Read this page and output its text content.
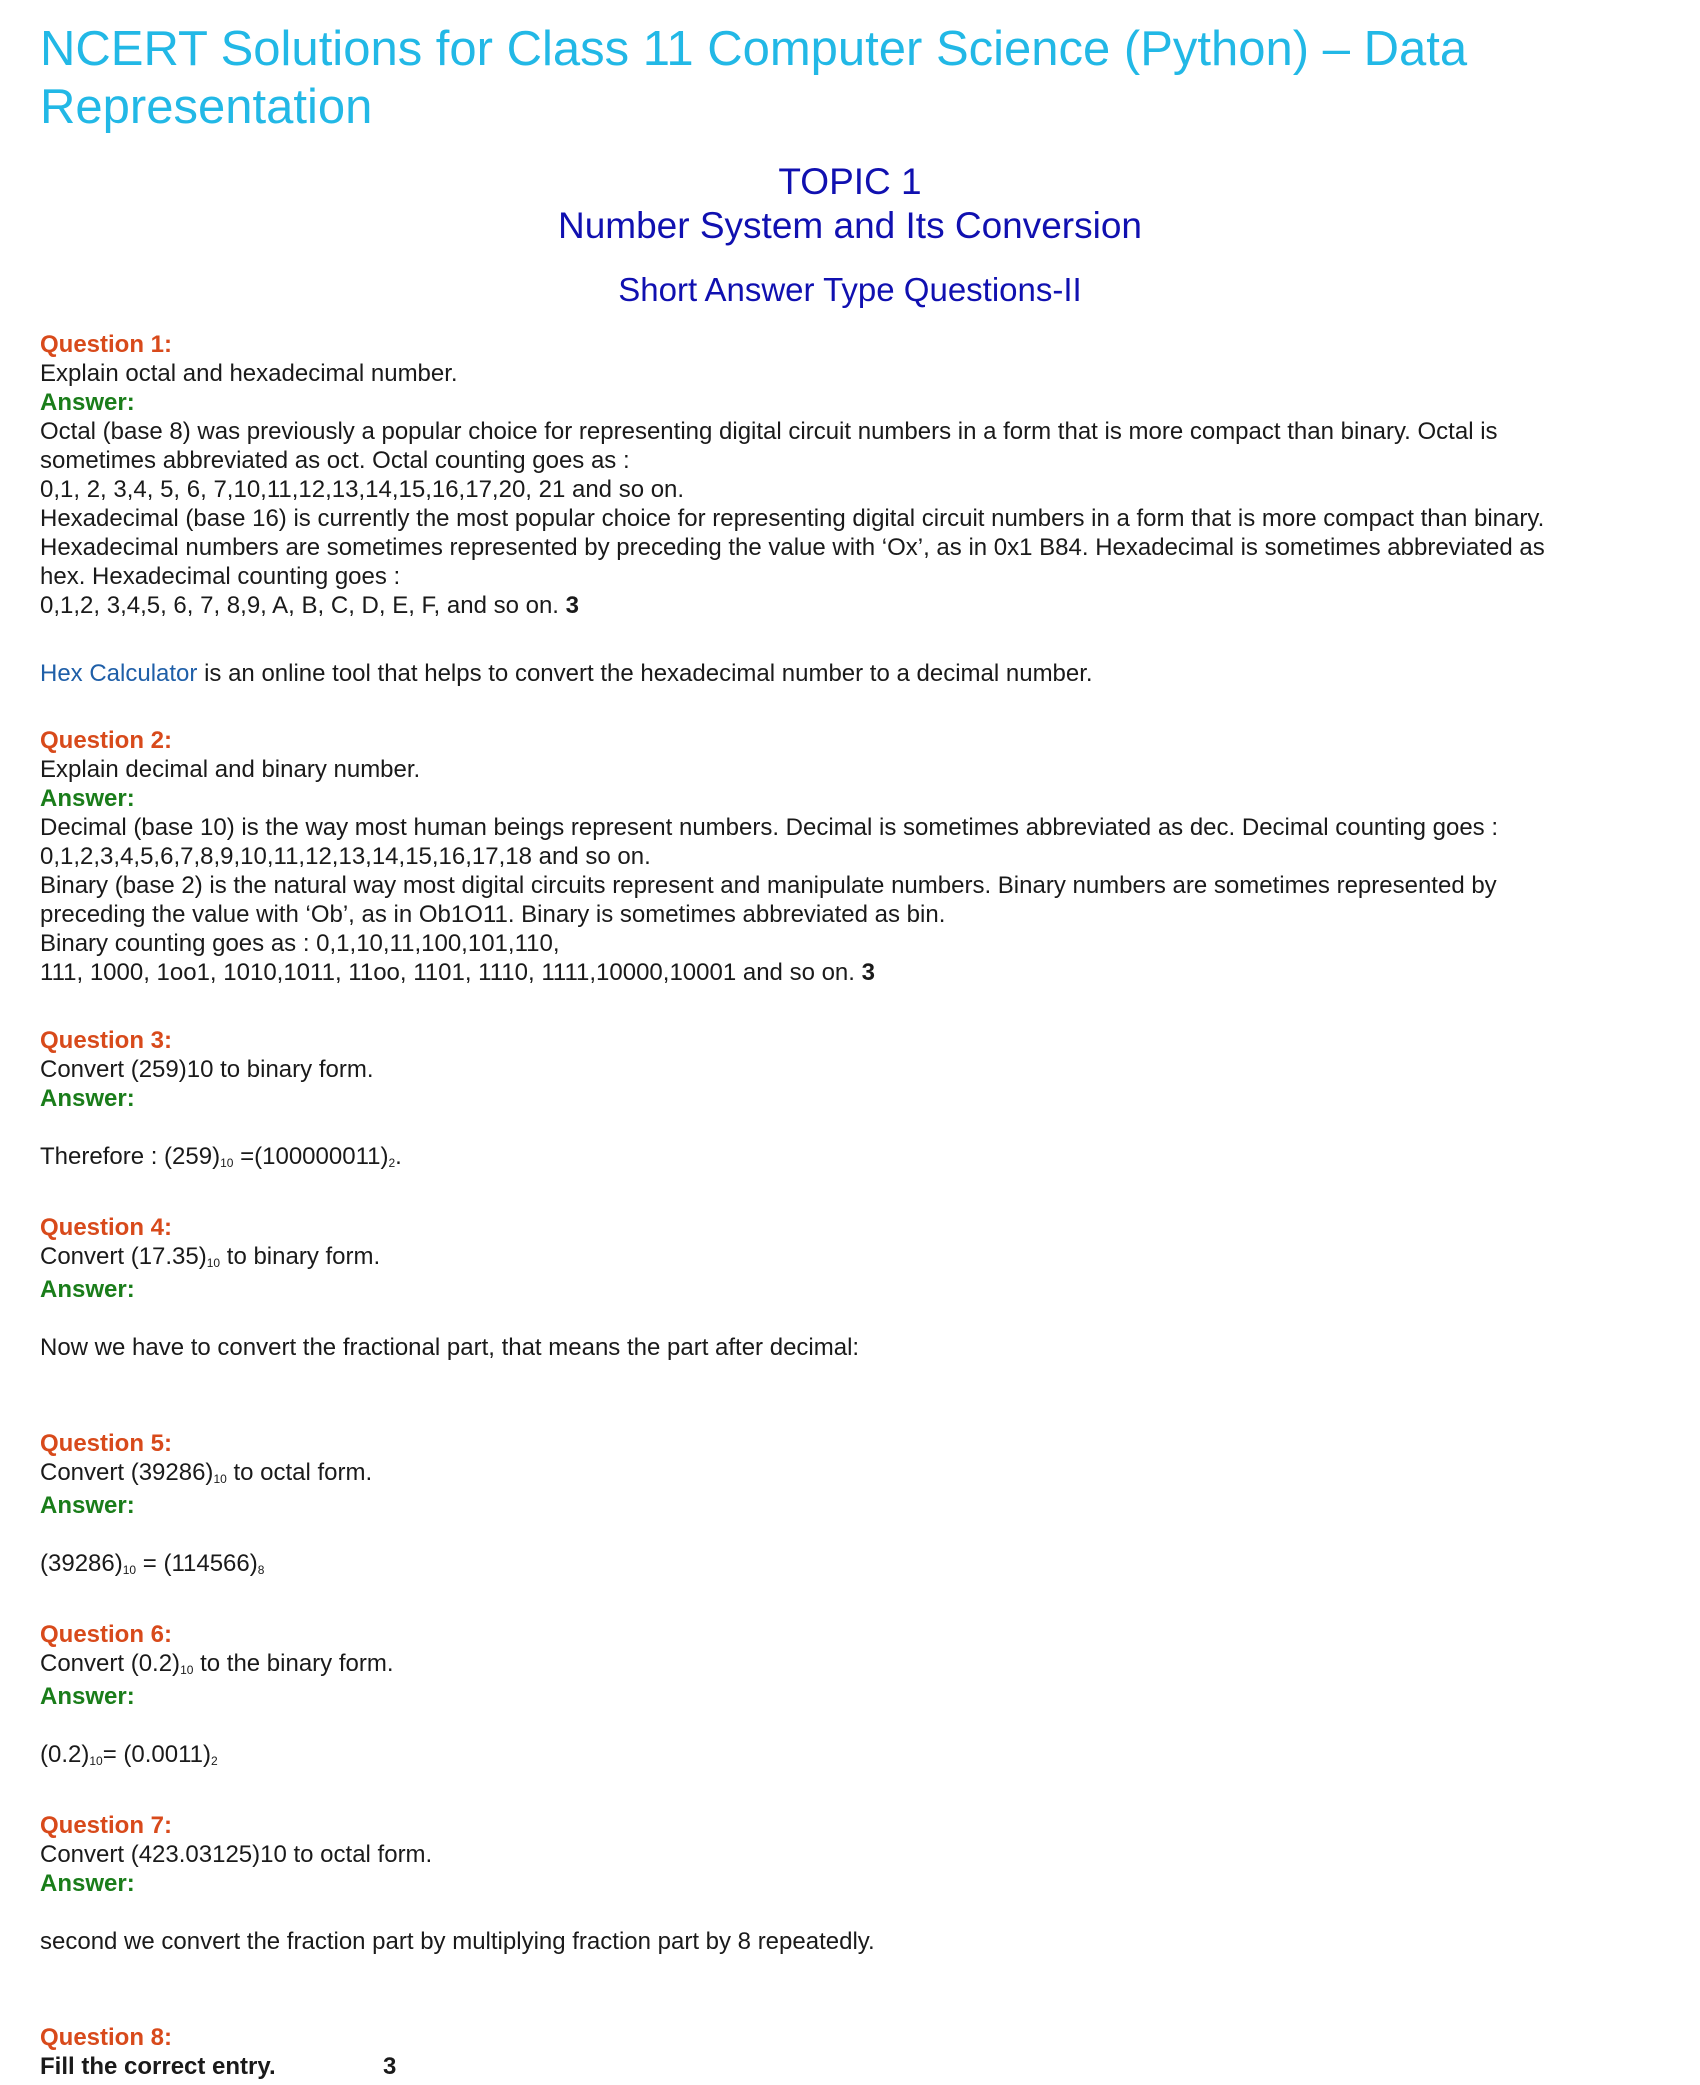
NCERT Solutions for Class 11 Computer Science (Python) – Data Representation
TOPIC 1
Number System and Its Conversion
Short Answer Type Questions-II
Question 1:
Explain octal and hexadecimal number.
Answer:
Octal (base 8) was previously a popular choice for representing digital circuit numbers in a form that is more compact than binary. Octal is
sometimes abbreviated as oct. Octal counting goes as :
0,1, 2, 3,4, 5, 6, 7,10,11,12,13,14,15,16,17,20, 21 and so on.
Hexadecimal (base 16) is currently the most popular choice for representing digital circuit numbers in a form that is more compact than binary.
Hexadecimal numbers are sometimes represented by preceding the value with ‘Ox’, as in 0x1 B84. Hexadecimal is sometimes abbreviated as
hex. Hexadecimal counting goes :
0,1,2, 3,4,5, 6, 7, 8,9, A, B, C, D, E, F, and so on. 3
Hex Calculator is an online tool that helps to convert the hexadecimal number to a decimal number.
Question 2:
Explain decimal and binary number.
Answer:
Decimal (base 10) is the way most human beings represent numbers. Decimal is sometimes abbreviated as dec. Decimal counting goes :
0,1,2,3,4,5,6,7,8,9,10,11,12,13,14,15,16,17,18 and so on.
Binary (base 2) is the natural way most digital circuits represent and manipulate numbers. Binary numbers are sometimes represented by
preceding the value with ‘Ob’, as in Ob1O11. Binary is sometimes abbreviated as bin.
Binary counting goes as : 0,1,10,11,100,101,110,
111, 1000, 1oo1, 1010,1011, 11oo, 1101, 1110, 1111,10000,10001 and so on. 3
Question 3:
Convert (259)10 to binary form.
Answer:
Therefore : $(259)_{10} =(100000011)_2$.
Question 4:
Convert $(17.35)_{10}$ to binary form.
Answer:
Now we have to convert the fractional part, that means the part after decimal:
Question 5:
Convert $(39286)_{10}$ to octal form.
Answer:
$(39286)_{10} = (114566)_8$
Question 6:
Convert $(0.2)_{10}$ to the binary form.
Answer:
$(0.2)_{10}= (0.0011)_2$
Question 7:
Convert (423.03125)10 to octal form.
Answer:
second we convert the fraction part by multiplying fraction part by 8 repeatedly.
Question 8:
Fill the correct entry.	3
